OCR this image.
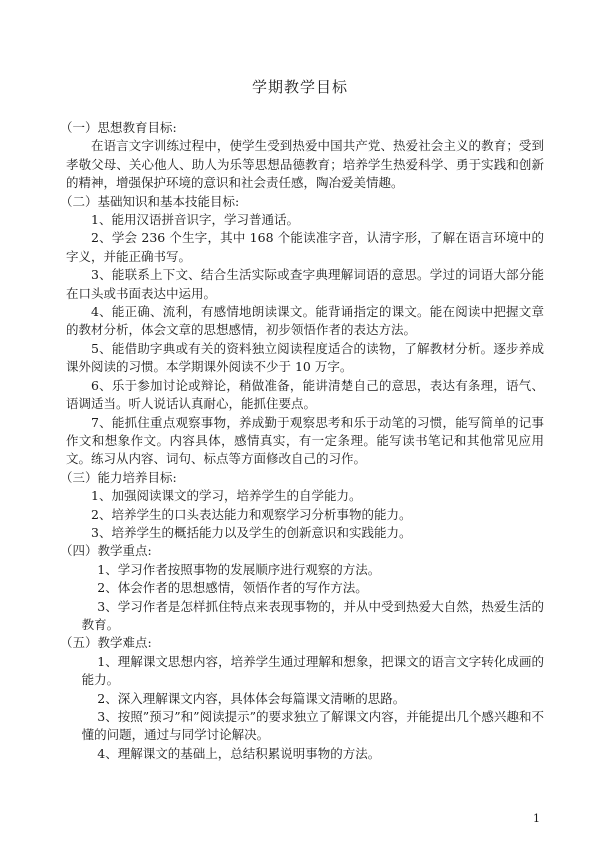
学期教学目标

（一）思想教育目标:

在语言文字训练过程中，使学生受到热爱中国共产党、热爱社会主义的教育；受到孝敬父母、关心他人、助人为乐等思想品德教育；培养学生热爱科学、勇于实践和创新的精神，增强保护环境的意识和社会责任感，陶冶爱美情趣。

（二）基础知识和基本技能目标:

1、能用汉语拼音识字，学习普通话。

2、学会 236 个生字，其中 168 个能读准字音，认清字形，了解在语言环境中的字义，并能正确书写。

3、能联系上下文、结合生活实际或查字典理解词语的意思。学过的词语大部分能在口头或书面表达中运用。

4、能正确、流利，有感情地朗读课文。能背诵指定的课文。能在阅读中把握文章的教材分析，体会文章的思想感情，初步领悟作者的表达方法。

5、能借助字典或有关的资料独立阅读程度适合的读物，了解教材分析。逐步养成课外阅读的习惯。本学期课外阅读不少于 10 万字。

6、乐于参加讨论或辩论，稍做准备，能讲清楚自己的意思，表达有条理，语气、语调适当。听人说话认真耐心，能抓住要点。

7、能抓住重点观察事物，养成勤于观察思考和乐于动笔的习惯，能写简单的记事作文和想象作文。内容具体，感情真实，有一定条理。能写读书笔记和其他常见应用文。练习从内容、词句、标点等方面修改自己的习作。

（三）能力培养目标:

1、加强阅读课文的学习，培养学生的自学能力。

2、培养学生的口头表达能力和观察学习分析事物的能力。

3、培养学生的概括能力以及学生的创新意识和实践能力。

（四）教学重点:

1、学习作者按照事物的发展顺序进行观察的方法。

2、体会作者的思想感情，领悟作者的写作方法。

3、学习作者是怎样抓住特点来表现事物的，并从中受到热爱大自然，热爱生活的教育。

（五）教学难点:

1、理解课文思想内容，培养学生通过理解和想象，把课文的语言文字转化成画的能力。

2、深入理解课文内容，具体体会每篇课文清晰的思路。

3、按照”预习”和”阅读提示”的要求独立了解课文内容，并能提出几个感兴趣和不懂的问题，通过与同学讨论解决。

4、理解课文的基础上，总结积累说明事物的方法。

1
